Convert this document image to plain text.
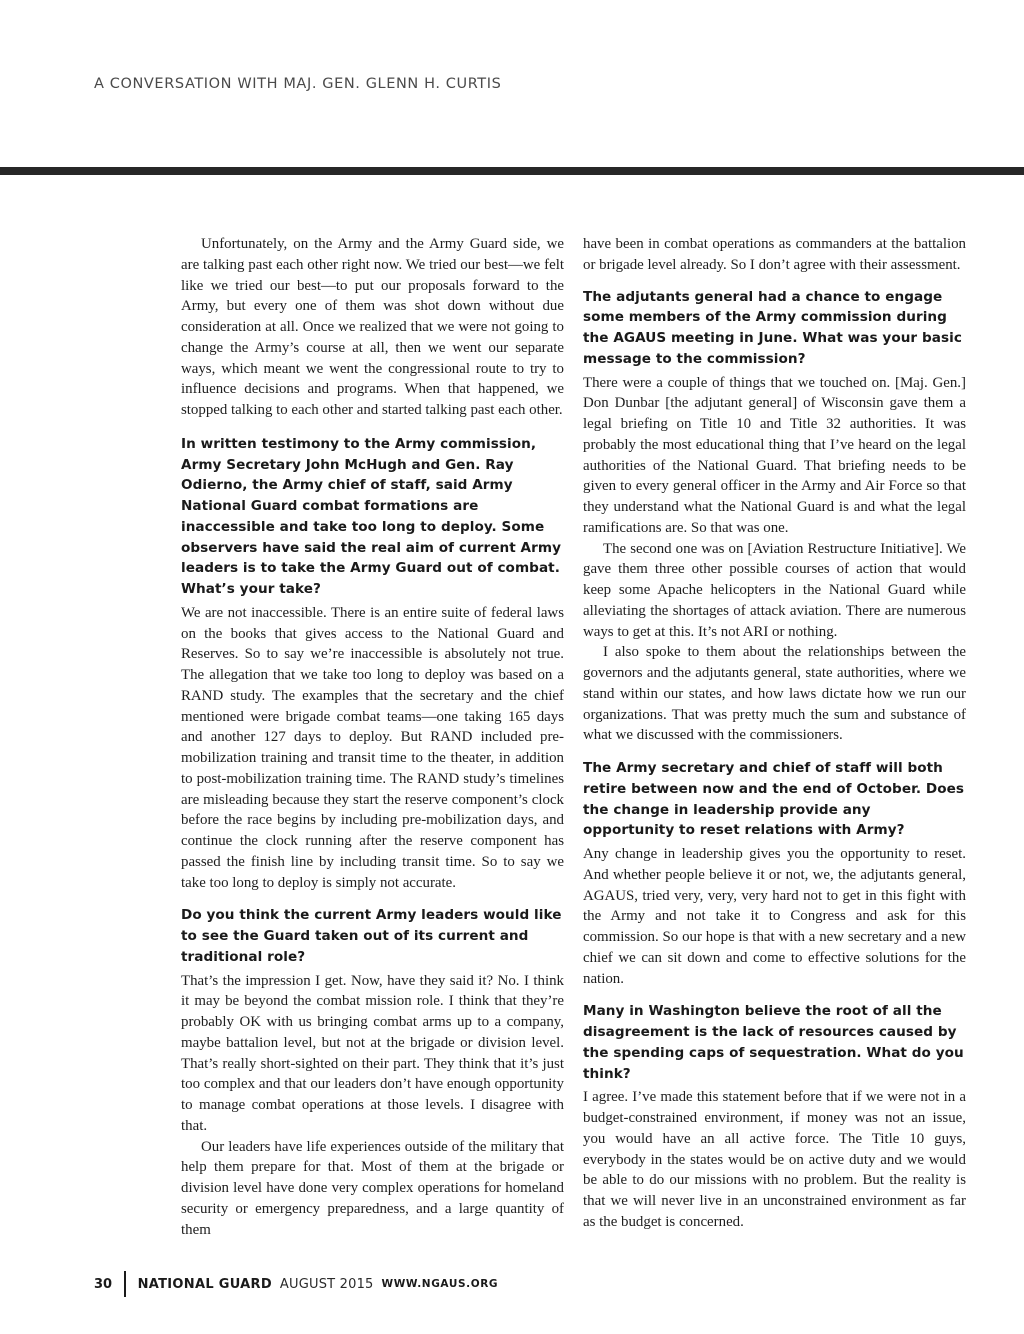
A CONVERSATION WITH MAJ. GEN. GLENN H. CURTIS

Unfortunately, on the Army and the Army Guard side, we are talking past each other right now. We tried our best—we felt like we tried our best—to put our proposals forward to the Army, but every one of them was shot down without due consideration at all. Once we realized that we were not going to change the Army’s course at all, then we went our separate ways, which meant we went the congressional route to try to influence decisions and programs. When that happened, we stopped talking to each other and started talking past each other.

In written testimony to the Army commission, Army Secretary John McHugh and Gen. Ray Odierno, the Army chief of staff, said Army National Guard combat formations are inaccessible and take too long to deploy. Some observers have said the real aim of current Army leaders is to take the Army Guard out of combat. What’s your take?

We are not inaccessible. There is an entire suite of federal laws on the books that gives access to the National Guard and Reserves. So to say we’re inaccessible is absolutely not true. The allegation that we take too long to deploy was based on a RAND study. The examples that the secretary and the chief mentioned were brigade combat teams—one taking 165 days and another 127 days to deploy. But RAND included pre-mobilization training and transit time to the theater, in addition to post-mobilization training time. The RAND study’s timelines are misleading because they start the reserve component’s clock before the race begins by including pre-mobilization days, and continue the clock running after the reserve component has passed the finish line by including transit time. So to say we take too long to deploy is simply not accurate.

Do you think the current Army leaders would like to see the Guard taken out of its current and traditional role?

That’s the impression I get. Now, have they said it? No. I think it may be beyond the combat mission role. I think that they’re probably OK with us bringing combat arms up to a company, maybe battalion level, but not at the brigade or division level. That’s really short-sighted on their part. They think that it’s just too complex and that our leaders don’t have enough opportunity to manage combat operations at those levels. I disagree with that.

Our leaders have life experiences outside of the military that help them prepare for that. Most of them at the brigade or division level have done very complex operations for homeland security or emergency preparedness, and a large quantity of them

have been in combat operations as commanders at the battalion or brigade level already. So I don’t agree with their assessment.

The adjutants general had a chance to engage some members of the Army commission during the AGAUS meeting in June. What was your basic message to the commission?

There were a couple of things that we touched on. [Maj. Gen.] Don Dunbar [the adjutant general] of Wisconsin gave them a legal briefing on Title 10 and Title 32 authorities. It was probably the most educational thing that I’ve heard on the legal authorities of the National Guard. That briefing needs to be given to every general officer in the Army and Air Force so that they understand what the National Guard is and what the legal ramifications are. So that was one.

The second one was on [Aviation Restructure Initiative]. We gave them three other possible courses of action that would keep some Apache helicopters in the National Guard while alleviating the shortages of attack aviation. There are numerous ways to get at this. It’s not ARI or nothing.

I also spoke to them about the relationships between the governors and the adjutants general, state authorities, where we stand within our states, and how laws dictate how we run our organizations. That was pretty much the sum and substance of what we discussed with the commissioners.

The Army secretary and chief of staff will both retire between now and the end of October. Does the change in leadership provide any opportunity to reset relations with Army?

Any change in leadership gives you the opportunity to reset. And whether people believe it or not, we, the adjutants general, AGAUS, tried very, very, very hard not to get in this fight with the Army and not take it to Congress and ask for this commission. So our hope is that with a new secretary and a new chief we can sit down and come to effective solutions for the nation.

Many in Washington believe the root of all the disagreement is the lack of resources caused by the spending caps of sequestration. What do you think?

I agree. I’ve made this statement before that if we were not in a budget-constrained environment, if money was not an issue, you would have an all active force. The Title 10 guys, everybody in the states would be on active duty and we would be able to do our missions with no problem. But the reality is that we will never live in an unconstrained environment as far as the budget is concerned.

30 NATIONAL GUARD AUGUST 2015 WWW.NGAUS.ORG
